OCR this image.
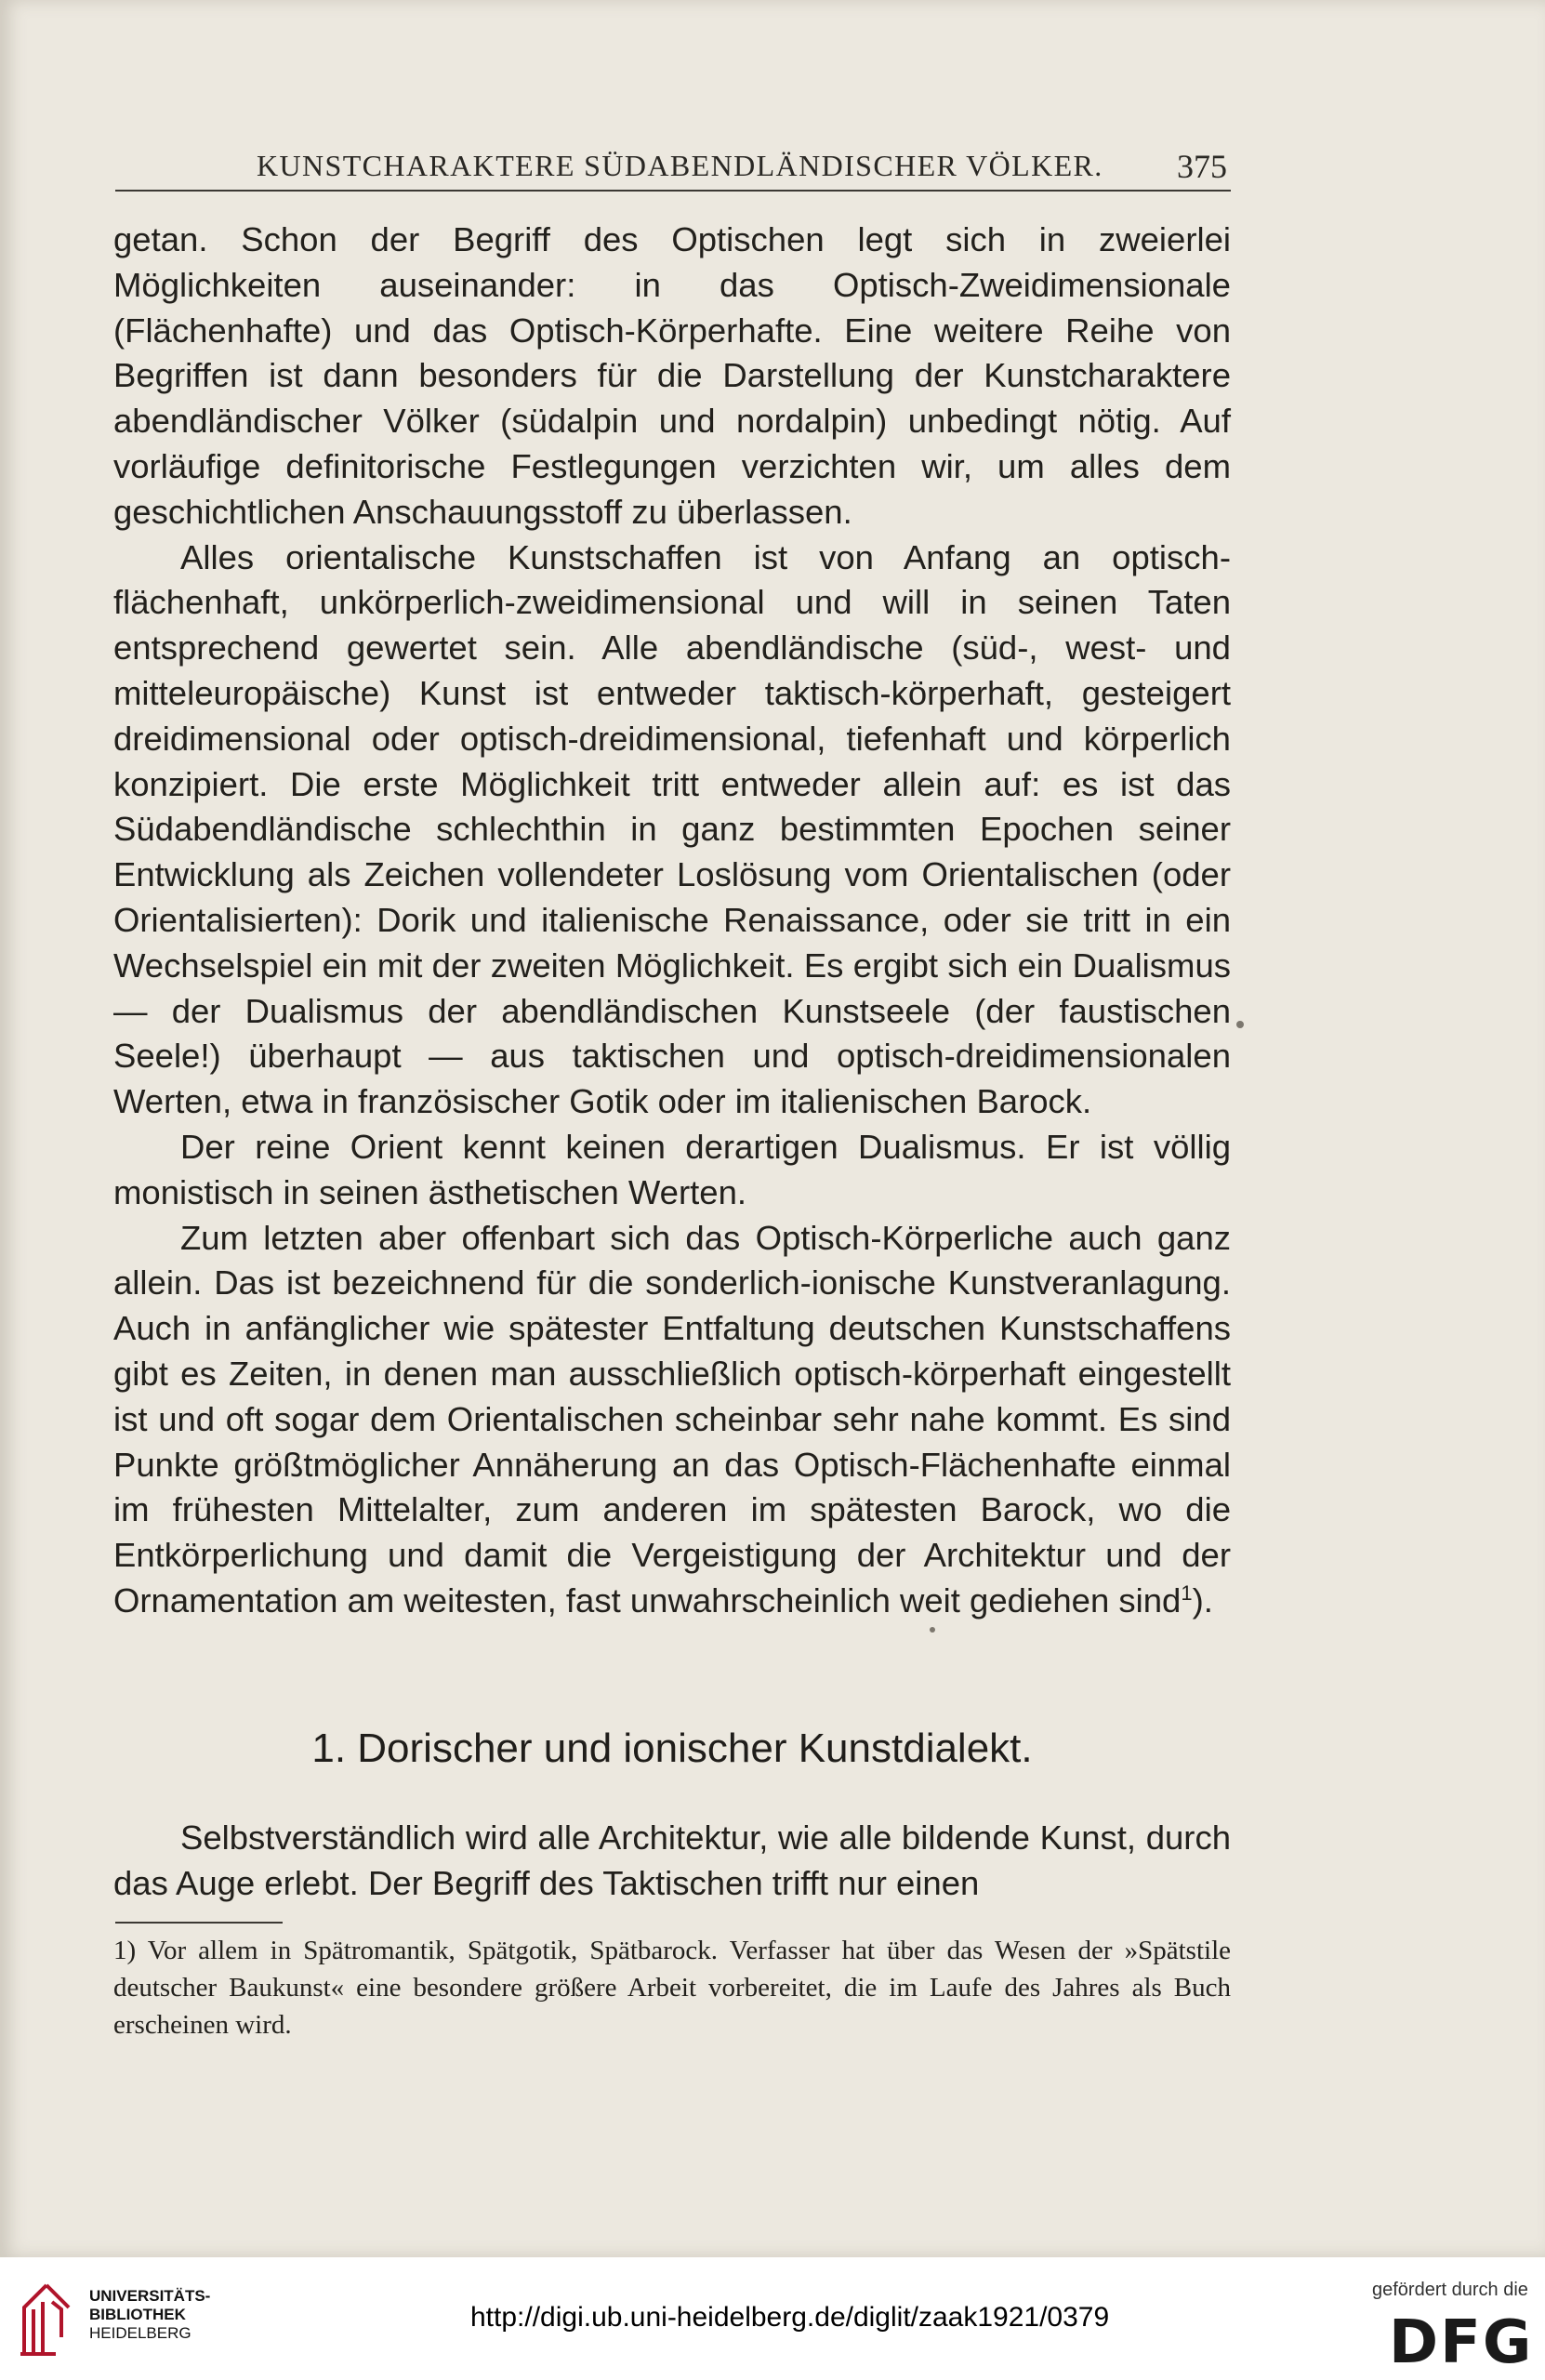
KUNSTCHARAKTERE SÜDABENDLÄNDISCHER VÖLKER. 375

getan. Schon der Begriff des Optischen legt sich in zweierlei Möglichkeiten auseinander: in das Optisch-Zweidimensionale (Flächenhafte) und das Optisch-Körperhafte. Eine weitere Reihe von Begriffen ist dann besonders für die Darstellung der Kunstcharaktere abendländischer Völker (südalpin und nordalpin) unbedingt nötig. Auf vorläufige definitorische Festlegungen verzichten wir, um alles dem geschichtlichen Anschauungsstoff zu überlassen.

Alles orientalische Kunstschaffen ist von Anfang an optisch-flächenhaft, unkörperlich-zweidimensional und will in seinen Taten entsprechend gewertet sein. Alle abendländische (süd-, west- und mitteleuropäische) Kunst ist entweder taktisch-körperhaft, gesteigert dreidimensional oder optisch-dreidimensional, tiefenhaft und körperlich konzipiert. Die erste Möglichkeit tritt entweder allein auf: es ist das Südabendländische schlechthin in ganz bestimmten Epochen seiner Entwicklung als Zeichen vollendeter Loslösung vom Orientalischen (oder Orientalisierten): Dorik und italienische Renaissance, oder sie tritt in ein Wechselspiel ein mit der zweiten Möglichkeit. Es ergibt sich ein Dualismus — der Dualismus der abendländischen Kunstseele (der faustischen Seele!) überhaupt — aus taktischen und optisch-dreidimensionalen Werten, etwa in französischer Gotik oder im italienischen Barock.

Der reine Orient kennt keinen derartigen Dualismus. Er ist völlig monistisch in seinen ästhetischen Werten.

Zum letzten aber offenbart sich das Optisch-Körperliche auch ganz allein. Das ist bezeichnend für die sonderlich-ionische Kunstveranlagung. Auch in anfänglicher wie spätester Entfaltung deutschen Kunstschaffens gibt es Zeiten, in denen man ausschließlich optisch-körperhaft eingestellt ist und oft sogar dem Orientalischen scheinbar sehr nahe kommt. Es sind Punkte größtmöglicher Annäherung an das Optisch-Flächenhafte einmal im frühesten Mittelalter, zum anderen im spätesten Barock, wo die Entkörperlichung und damit die Vergeistigung der Architektur und der Ornamentation am weitesten, fast unwahrscheinlich weit gediehen sind$^1$).

1. Dorischer und ionischer Kunstdialekt.

Selbstverständlich wird alle Architektur, wie alle bildende Kunst, durch das Auge erlebt. Der Begriff des Taktischen trifft nur einen

1) Vor allem in Spätromantik, Spätgotik, Spätbarock. Verfasser hat über das Wesen der »Spätstile deutscher Baukunst« eine besondere größere Arbeit vorbereitet, die im Laufe des Jahres als Buch erscheinen wird.

UNIVERSITÄTS-
BIBLIOTHEK
HEIDELBERG
http://digi.ub.uni-heidelberg.de/diglit/zaak1921/0379
gefördert durch die
DFG
